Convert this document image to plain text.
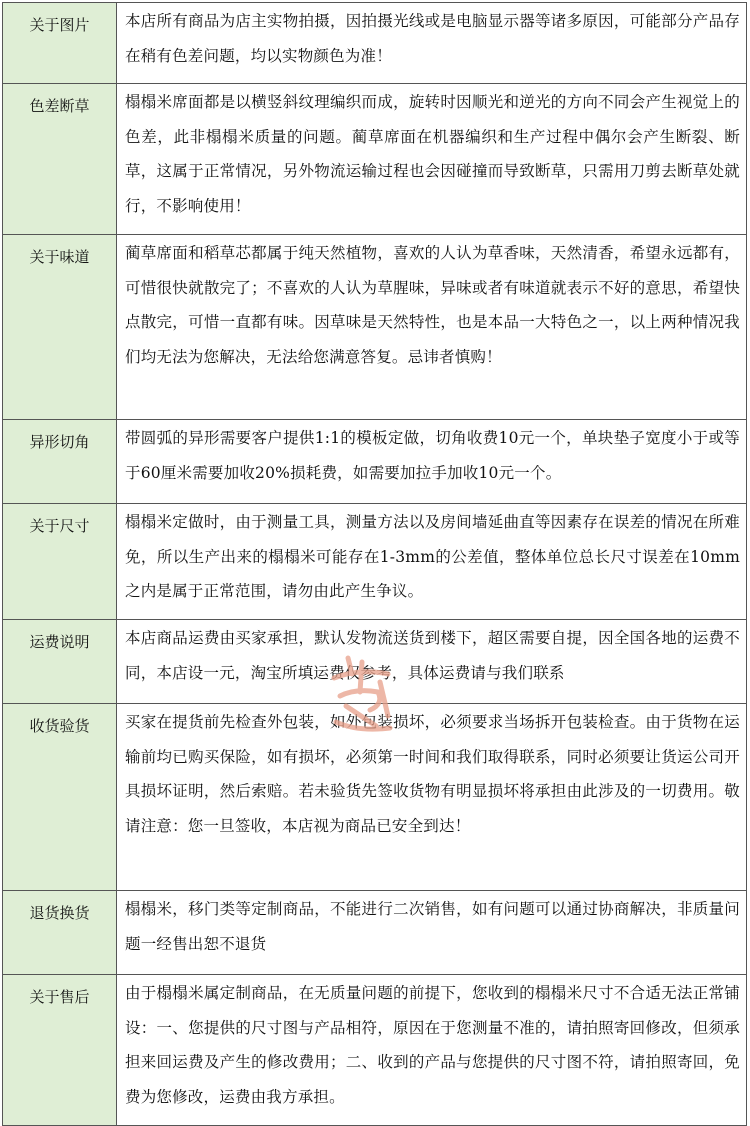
关于图片	本店所有商品为店主实物拍摄，因拍摄光线或是电脑显示器等诸多原因，可能部分产品存在稍有色差问题，均以实物颜色为准！
色差断草	榻榻米席面都是以横竖斜纹理编织而成，旋转时因顺光和逆光的方向不同会产生视觉上的色差，此非榻榻米质量的问题。蔺草席面在机器编织和生产过程中偶尔会产生断裂、断草，这属于正常情况，另外物流运输过程也会因碰撞而导致断草，只需用刀剪去断草处就行，不影响使用！
关于味道	蔺草席面和稻草芯都属于纯天然植物，喜欢的人认为草香味，天然清香，希望永远都有，可惜很快就散完了；不喜欢的人认为草腥味，异味或者有味道就表示不好的意思，希望快点散完，可惜一直都有味。因草味是天然特性，也是本品一大特色之一，以上两种情况我们均无法为您解决，无法给您满意答复。忌讳者慎购！
异形切角	带圆弧的异形需要客户提供1:1的模板定做，切角收费10元一个，单块垫子宽度小于或等于60厘米需要加收20%损耗费，如需要加拉手加收10元一个。
关于尺寸	榻榻米定做时，由于测量工具，测量方法以及房间墙延曲直等因素存在误差的情况在所难免，所以生产出来的榻榻米可能存在1-3mm的公差值，整体单位总长尺寸误差在10mm之内是属于正常范围，请勿由此产生争议。
运费说明	本店商品运费由买家承担，默认发物流送货到楼下，超区需要自提，因全国各地的运费不同，本店设一元，淘宝所填运费仅参考，具体运费请与我们联系
收货验货	买家在提货前先检查外包装，如外包装损坏，必须要求当场拆开包装检查。由于货物在运输前均已购买保险，如有损坏，必须第一时间和我们取得联系，同时必须要让货运公司开具损坏证明，然后索赔。若未验货先签收货物有明显损坏将承担由此涉及的一切费用。敬请注意：您一旦签收，本店视为商品已安全到达！
退货换货	榻榻米，移门类等定制商品，不能进行二次销售，如有问题可以通过协商解决，非质量问题一经售出恕不退货
关于售后	由于榻榻米属定制商品，在无质量问题的前提下，您收到的榻榻米尺寸不合适无法正常铺设：一、您提供的尺寸图与产品相符，原因在于您测量不准的，请拍照寄回修改，但须承担来回运费及产生的修改费用；二、收到的产品与您提供的尺寸图不符，请拍照寄回，免费为您修改，运费由我方承担。
